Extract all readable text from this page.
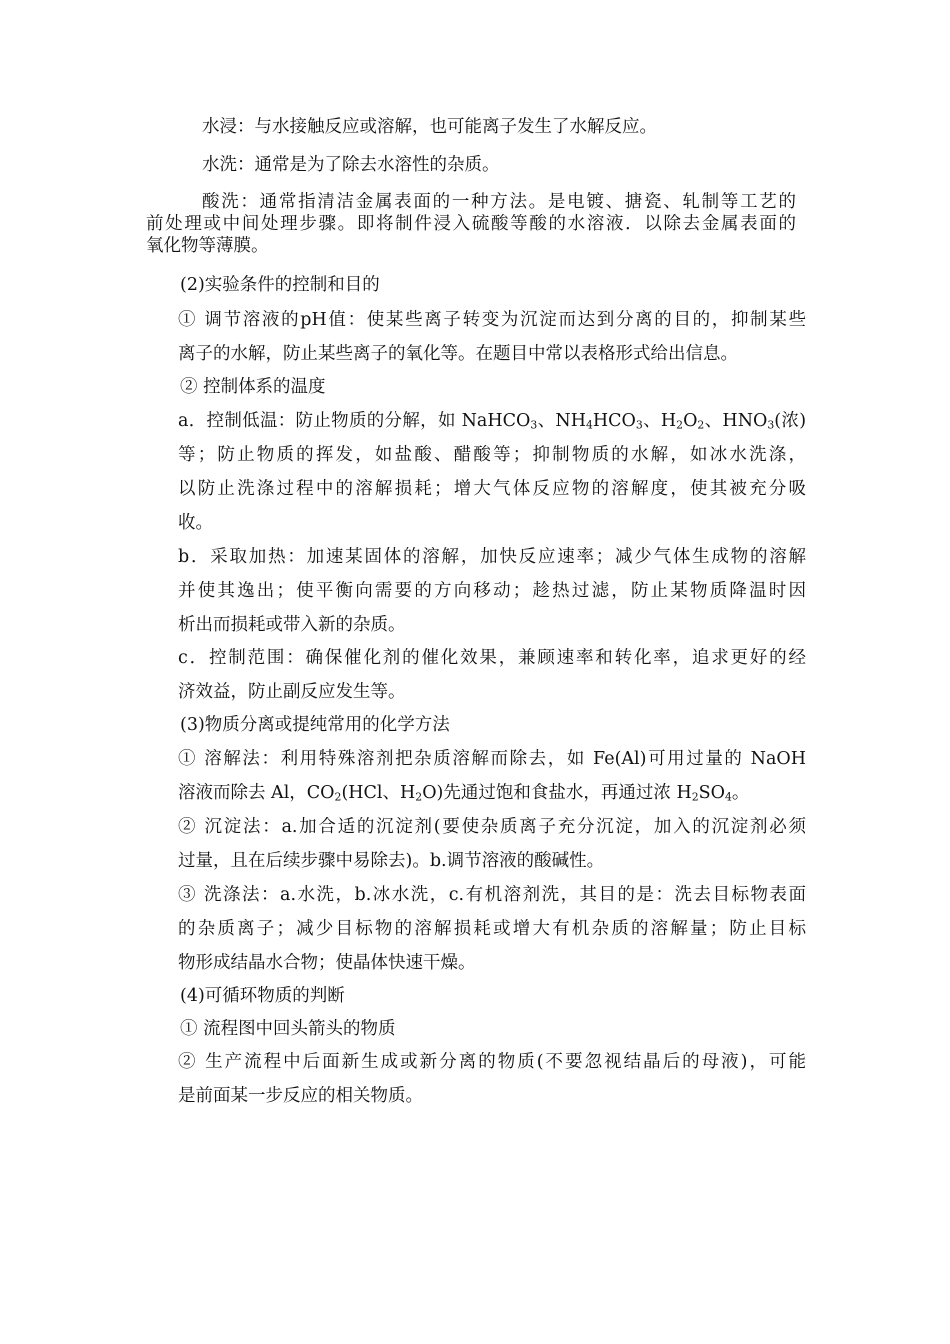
水浸：与水接触反应或溶解，也可能离子发生了水解反应。
水洗：通常是为了除去水溶性的杂质。
酸洗：通常指清洁金属表面的一种方法。是电镀、搪瓷、轧制等工艺的
前处理或中间处理步骤。即将制件浸入硫酸等酸的水溶液．以除去金属表面的
氧化物等薄膜。
(2)实验条件的控制和目的
① 调节溶液的pH值：使某些离子转变为沉淀而达到分离的目的，抑制某些
离子的水解，防止某些离子的氧化等。在题目中常以表格形式给出信息。
② 控制体系的温度
a．控制低温：防止物质的分解，如 NaHCO$_3$、$NH_4HCO_3$、$H_2O_2$、$HNO_3$(浓)
等；防止物质的挥发，如盐酸、醋酸等；抑制物质的水解，如冰水洗涤，
以防止洗涤过程中的溶解损耗；增大气体反应物的溶解度，使其被充分吸
收。
b．采取加热：加速某固体的溶解，加快反应速率；减少气体生成物的溶解
并使其逸出；使平衡向需要的方向移动；趁热过滤，防止某物质降温时因
析出而损耗或带入新的杂质。
c．控制范围：确保催化剂的催化效果，兼顾速率和转化率，追求更好的经
济效益，防止副反应发生等。
(3)物质分离或提纯常用的化学方法
① 溶解法：利用特殊溶剂把杂质溶解而除去，如 Fe(Al)可用过量的 NaOH
溶液而除去 Al，$CO_2(HCl$、$H_2O$)先通过饱和食盐水，再通过浓 $H_2SO_4$。
② 沉淀法：a.加合适的沉淀剂(要使杂质离子充分沉淀，加入的沉淀剂必须
过量，且在后续步骤中易除去)。b.调节溶液的酸碱性。
③ 洗涤法：a.水洗，b.冰水洗，c.有机溶剂洗，其目的是：洗去目标物表面
的杂质离子；减少目标物的溶解损耗或增大有机杂质的溶解量；防止目标
物形成结晶水合物；使晶体快速干燥。
(4)可循环物质的判断
① 流程图中回头箭头的物质
② 生产流程中后面新生成或新分离的物质(不要忽视结晶后的母液)，可能
是前面某一步反应的相关物质。
